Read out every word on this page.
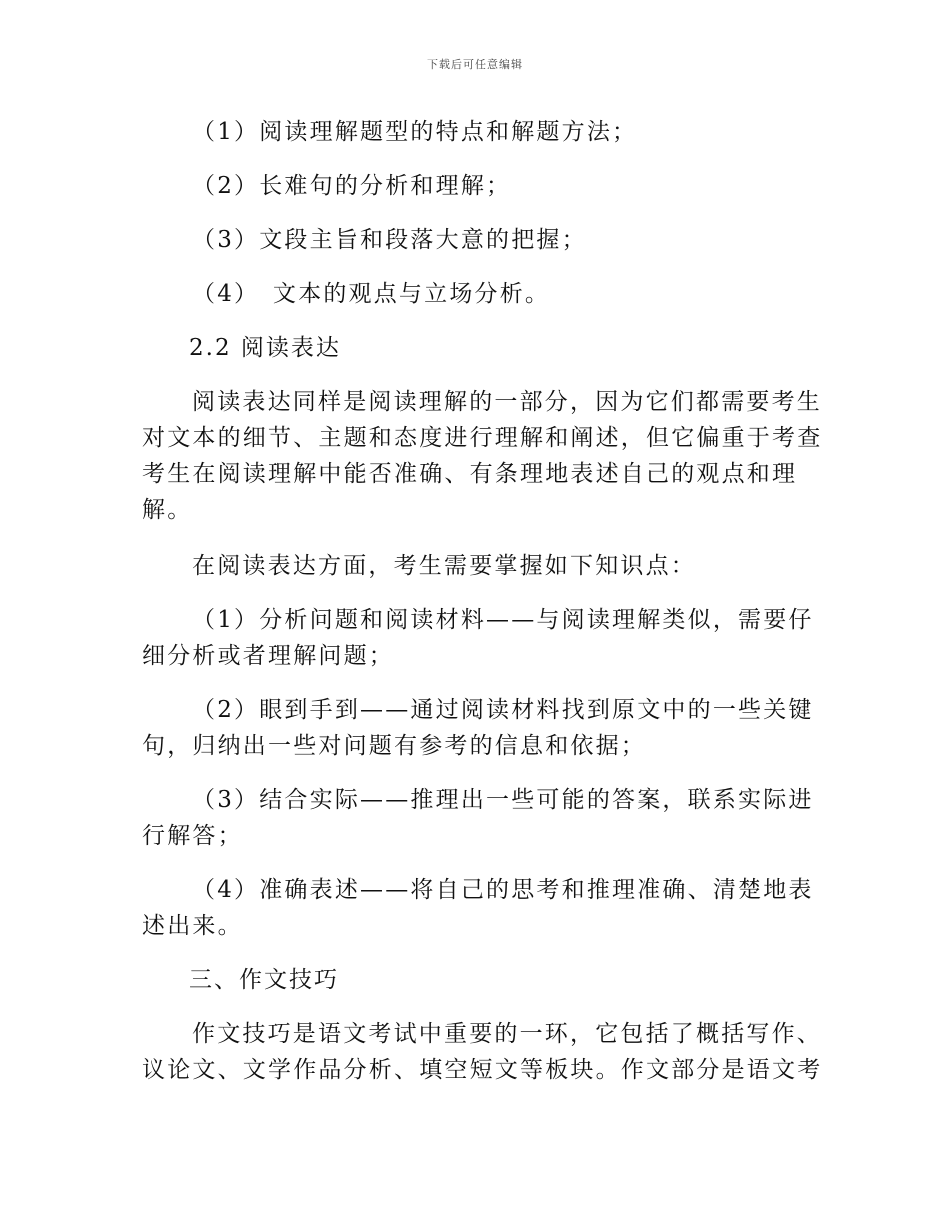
下载后可任意编辑

（1）阅读理解题型的特点和解题方法；

（2）长难句的分析和理解；

（3）文段主旨和段落大意的把握；

（4）　文本的观点与立场分析。

2.2 阅读表达

阅读表达同样是阅读理解的一部分，因为它们都需要考生

对文本的细节、主题和态度进行理解和阐述，但它偏重于考查

考生在阅读理解中能否准确、有条理地表述自己的观点和理

解。

在阅读表达方面，考生需要掌握如下知识点：

（1）分析问题和阅读材料——与阅读理解类似，需要仔

细分析或者理解问题；

（2）眼到手到——通过阅读材料找到原文中的一些关键

句，归纳出一些对问题有参考的信息和依据；

（3）结合实际——推理出一些可能的答案，联系实际进

行解答；

（4）准确表述——将自己的思考和推理准确、清楚地表

述出来。

三、作文技巧

作文技巧是语文考试中重要的一环，它包括了概括写作、

议论文、文学作品分析、填空短文等板块。作文部分是语文考
